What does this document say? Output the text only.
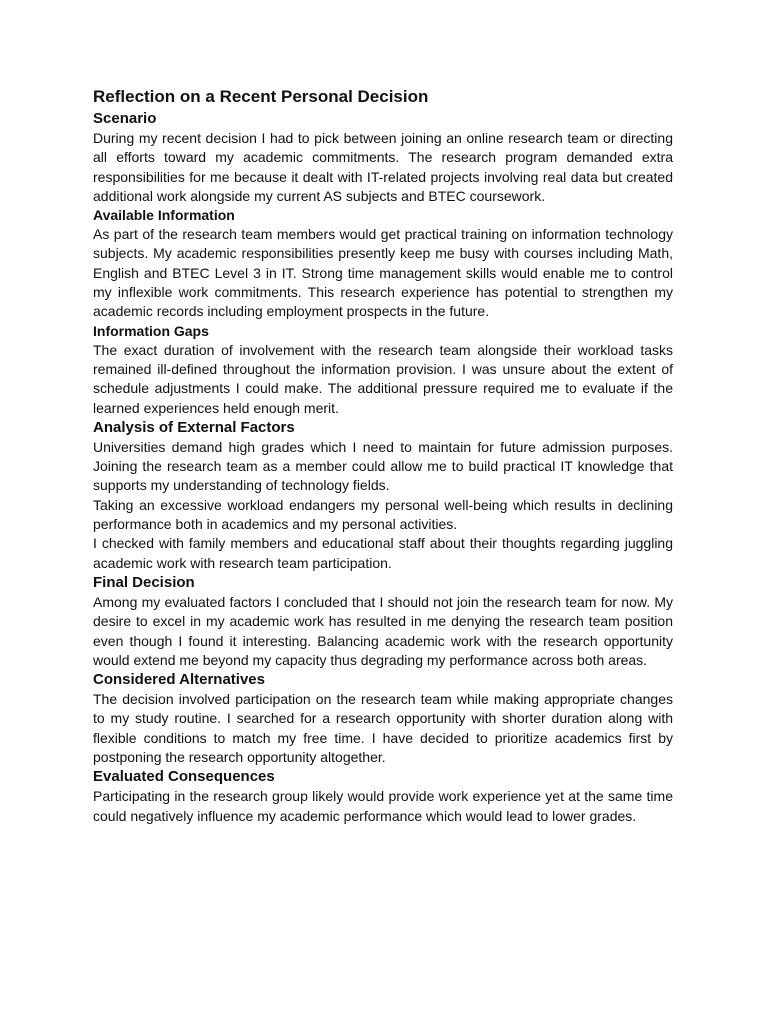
Reflection on a Recent Personal Decision
Scenario

During my recent decision I had to pick between joining an online research team or directing all efforts toward my academic commitments. The research program demanded extra responsibilities for me because it dealt with IT-related projects involving real data but created additional work alongside my current AS subjects and BTEC coursework.

Available Information

As part of the research team members would get practical training on information technology subjects. My academic responsibilities presently keep me busy with courses including Math, English and BTEC Level 3 in IT. Strong time management skills would enable me to control my inflexible work commitments. This research experience has potential to strengthen my academic records including employment prospects in the future.

Information Gaps

The exact duration of involvement with the research team alongside their workload tasks remained ill-defined throughout the information provision. I was unsure about the extent of schedule adjustments I could make. The additional pressure required me to evaluate if the learned experiences held enough merit.

Analysis of External Factors

Universities demand high grades which I need to maintain for future admission purposes. Joining the research team as a member could allow me to build practical IT knowledge that supports my understanding of technology fields.

Taking an excessive workload endangers my personal well-being which results in declining performance both in academics and my personal activities.

I checked with family members and educational staff about their thoughts regarding juggling academic work with research team participation.

Final Decision

Among my evaluated factors I concluded that I should not join the research team for now. My desire to excel in my academic work has resulted in me denying the research team position even though I found it interesting. Balancing academic work with the research opportunity would extend me beyond my capacity thus degrading my performance across both areas.

Considered Alternatives

The decision involved participation on the research team while making appropriate changes to my study routine. I searched for a research opportunity with shorter duration along with flexible conditions to match my free time. I have decided to prioritize academics first by postponing the research opportunity altogether.

Evaluated Consequences

Participating in the research group likely would provide work experience yet at the same time could negatively influence my academic performance which would lead to lower grades.
